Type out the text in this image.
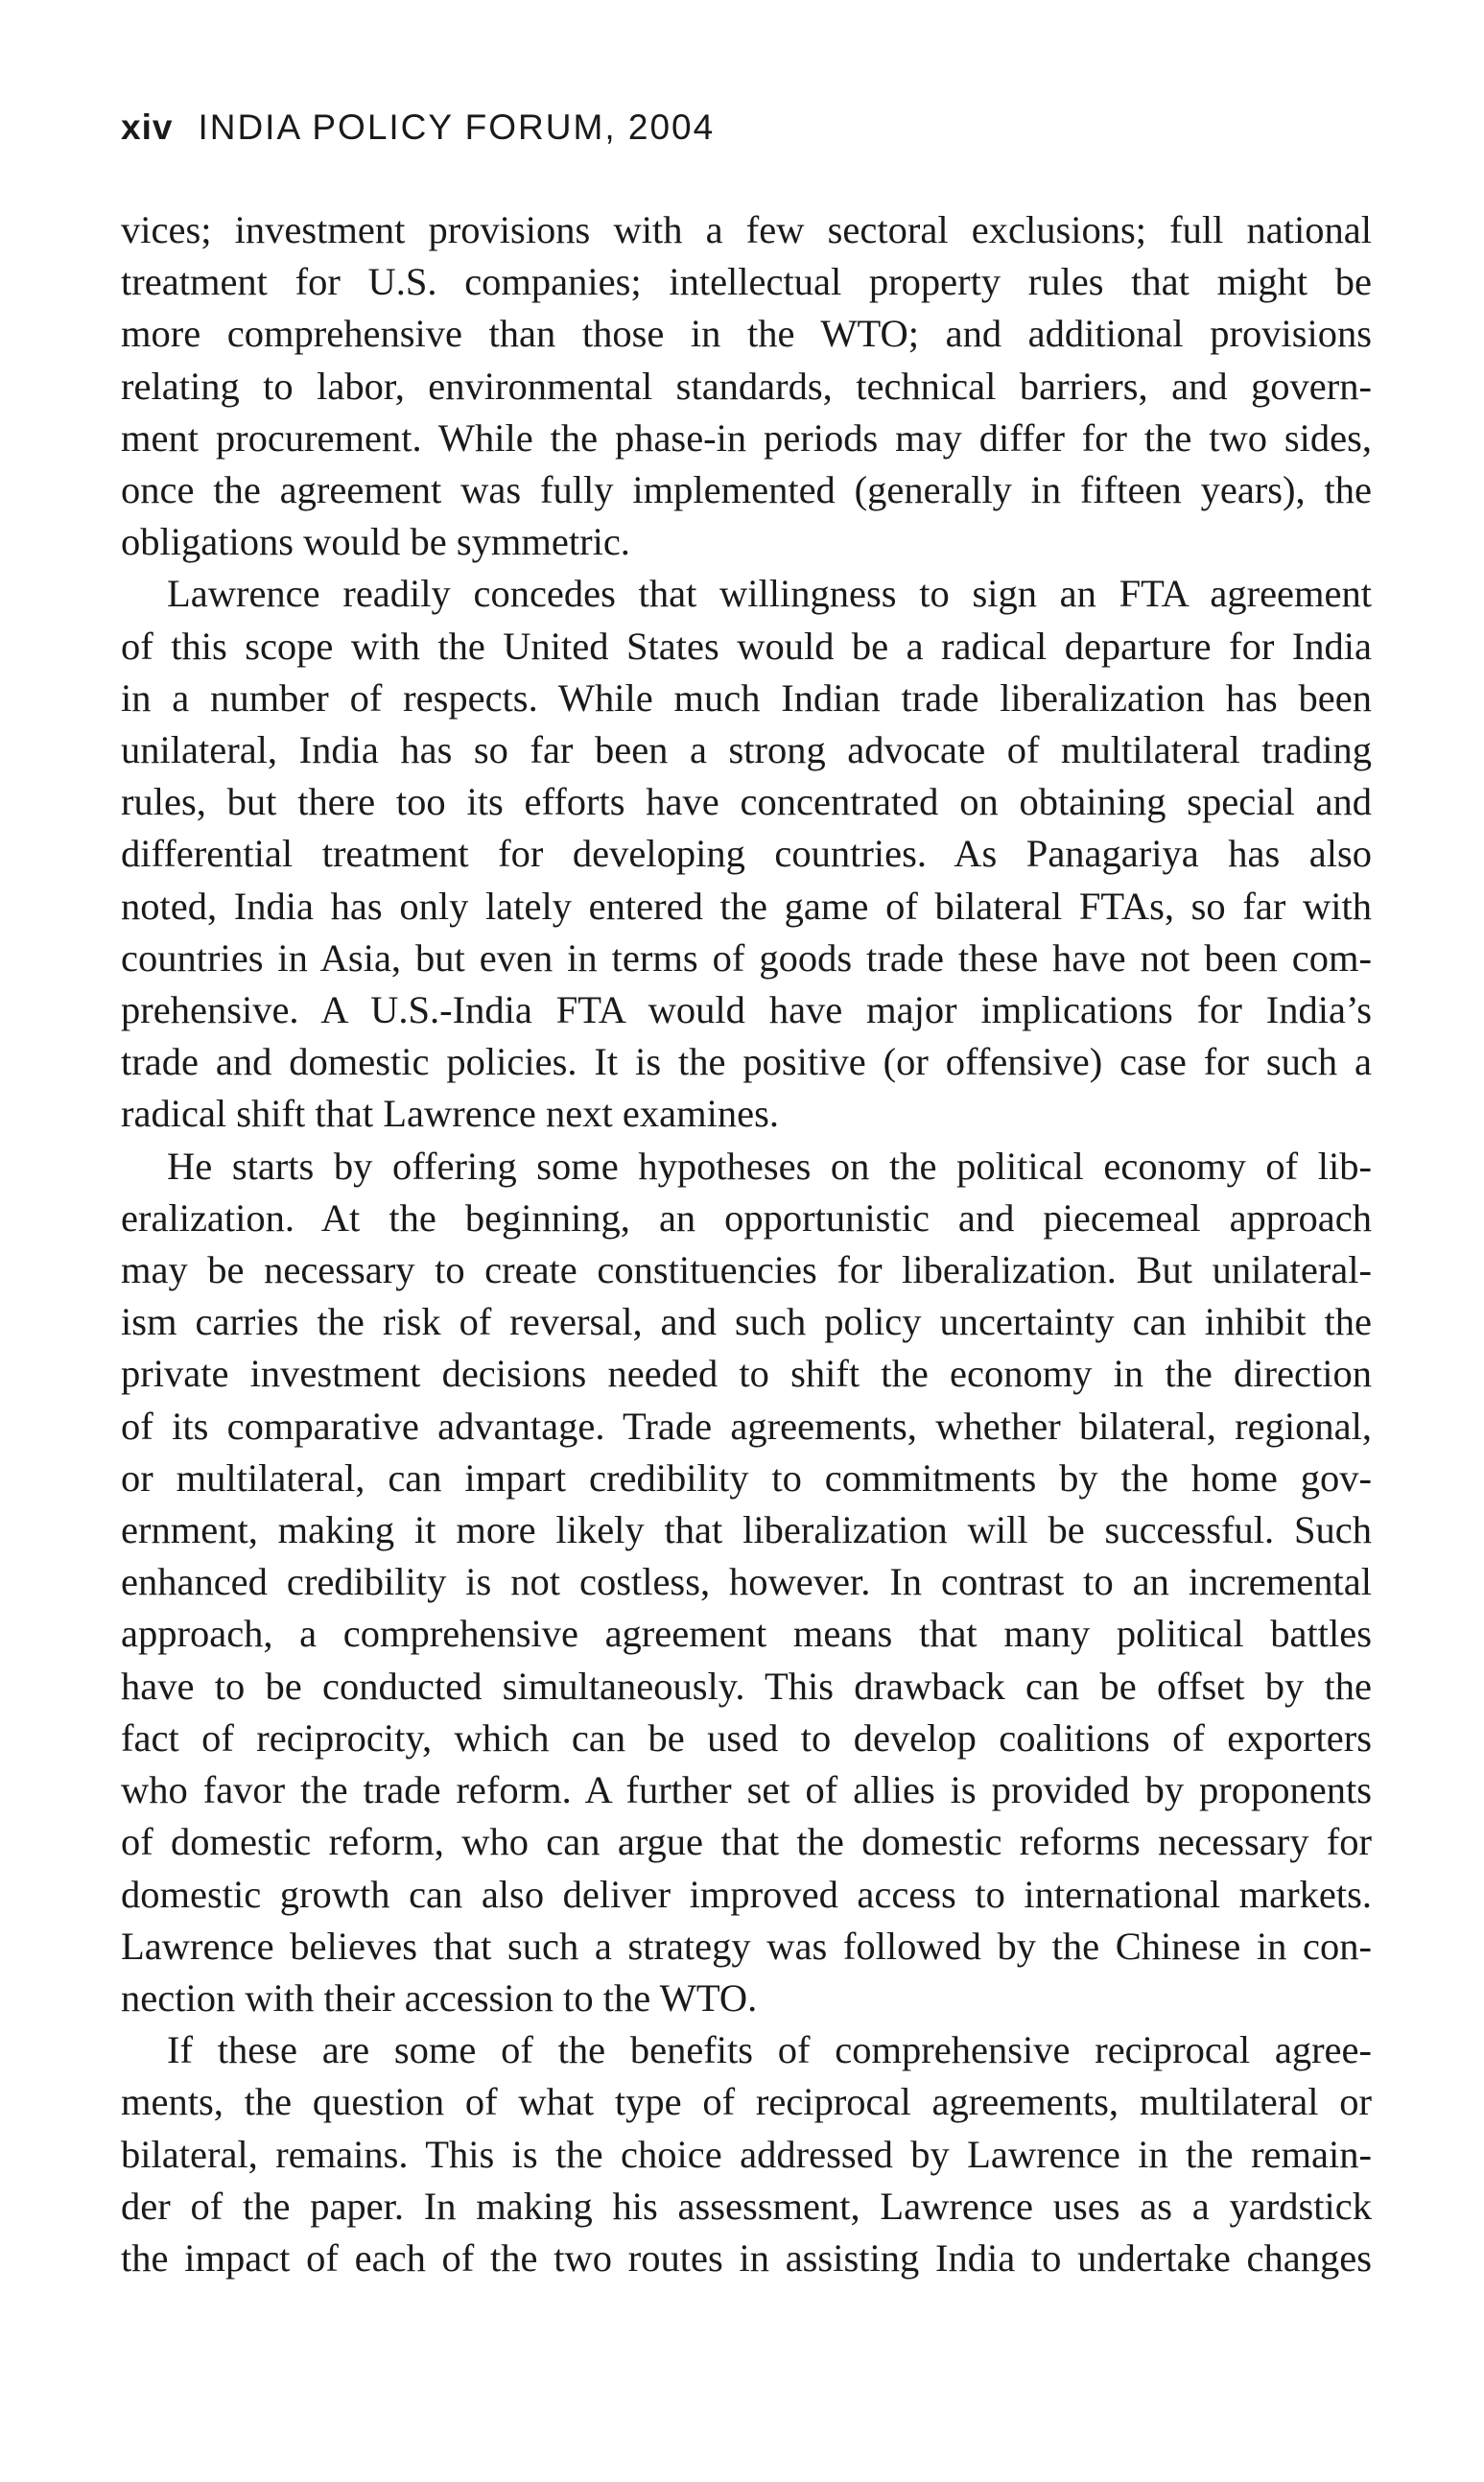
xiv INDIA POLICY FORUM, 2004

vices; investment provisions with a few sectoral exclusions; full national
treatment for U.S. companies; intellectual property rules that might be
more comprehensive than those in the WTO; and additional provisions
relating to labor, environmental standards, technical barriers, and govern-
ment procurement. While the phase-in periods may differ for the two sides,
once the agreement was fully implemented (generally in fifteen years), the
obligations would be symmetric.

Lawrence readily concedes that willingness to sign an FTA agreement
of this scope with the United States would be a radical departure for India
in a number of respects. While much Indian trade liberalization has been
unilateral, India has so far been a strong advocate of multilateral trading
rules, but there too its efforts have concentrated on obtaining special and
differential treatment for developing countries. As Panagariya has also
noted, India has only lately entered the game of bilateral FTAs, so far with
countries in Asia, but even in terms of goods trade these have not been com-
prehensive. A U.S.-India FTA would have major implications for India’s
trade and domestic policies. It is the positive (or offensive) case for such a
radical shift that Lawrence next examines.

He starts by offering some hypotheses on the political economy of lib-
eralization. At the beginning, an opportunistic and piecemeal approach
may be necessary to create constituencies for liberalization. But unilateral-
ism carries the risk of reversal, and such policy uncertainty can inhibit the
private investment decisions needed to shift the economy in the direction
of its comparative advantage. Trade agreements, whether bilateral, regional,
or multilateral, can impart credibility to commitments by the home gov-
ernment, making it more likely that liberalization will be successful. Such
enhanced credibility is not costless, however. In contrast to an incremental
approach, a comprehensive agreement means that many political battles
have to be conducted simultaneously. This drawback can be offset by the
fact of reciprocity, which can be used to develop coalitions of exporters
who favor the trade reform. A further set of allies is provided by proponents
of domestic reform, who can argue that the domestic reforms necessary for
domestic growth can also deliver improved access to international markets.
Lawrence believes that such a strategy was followed by the Chinese in con-
nection with their accession to the WTO.

If these are some of the benefits of comprehensive reciprocal agree-
ments, the question of what type of reciprocal agreements, multilateral or
bilateral, remains. This is the choice addressed by Lawrence in the remain-
der of the paper. In making his assessment, Lawrence uses as a yardstick
the impact of each of the two routes in assisting India to undertake changes
